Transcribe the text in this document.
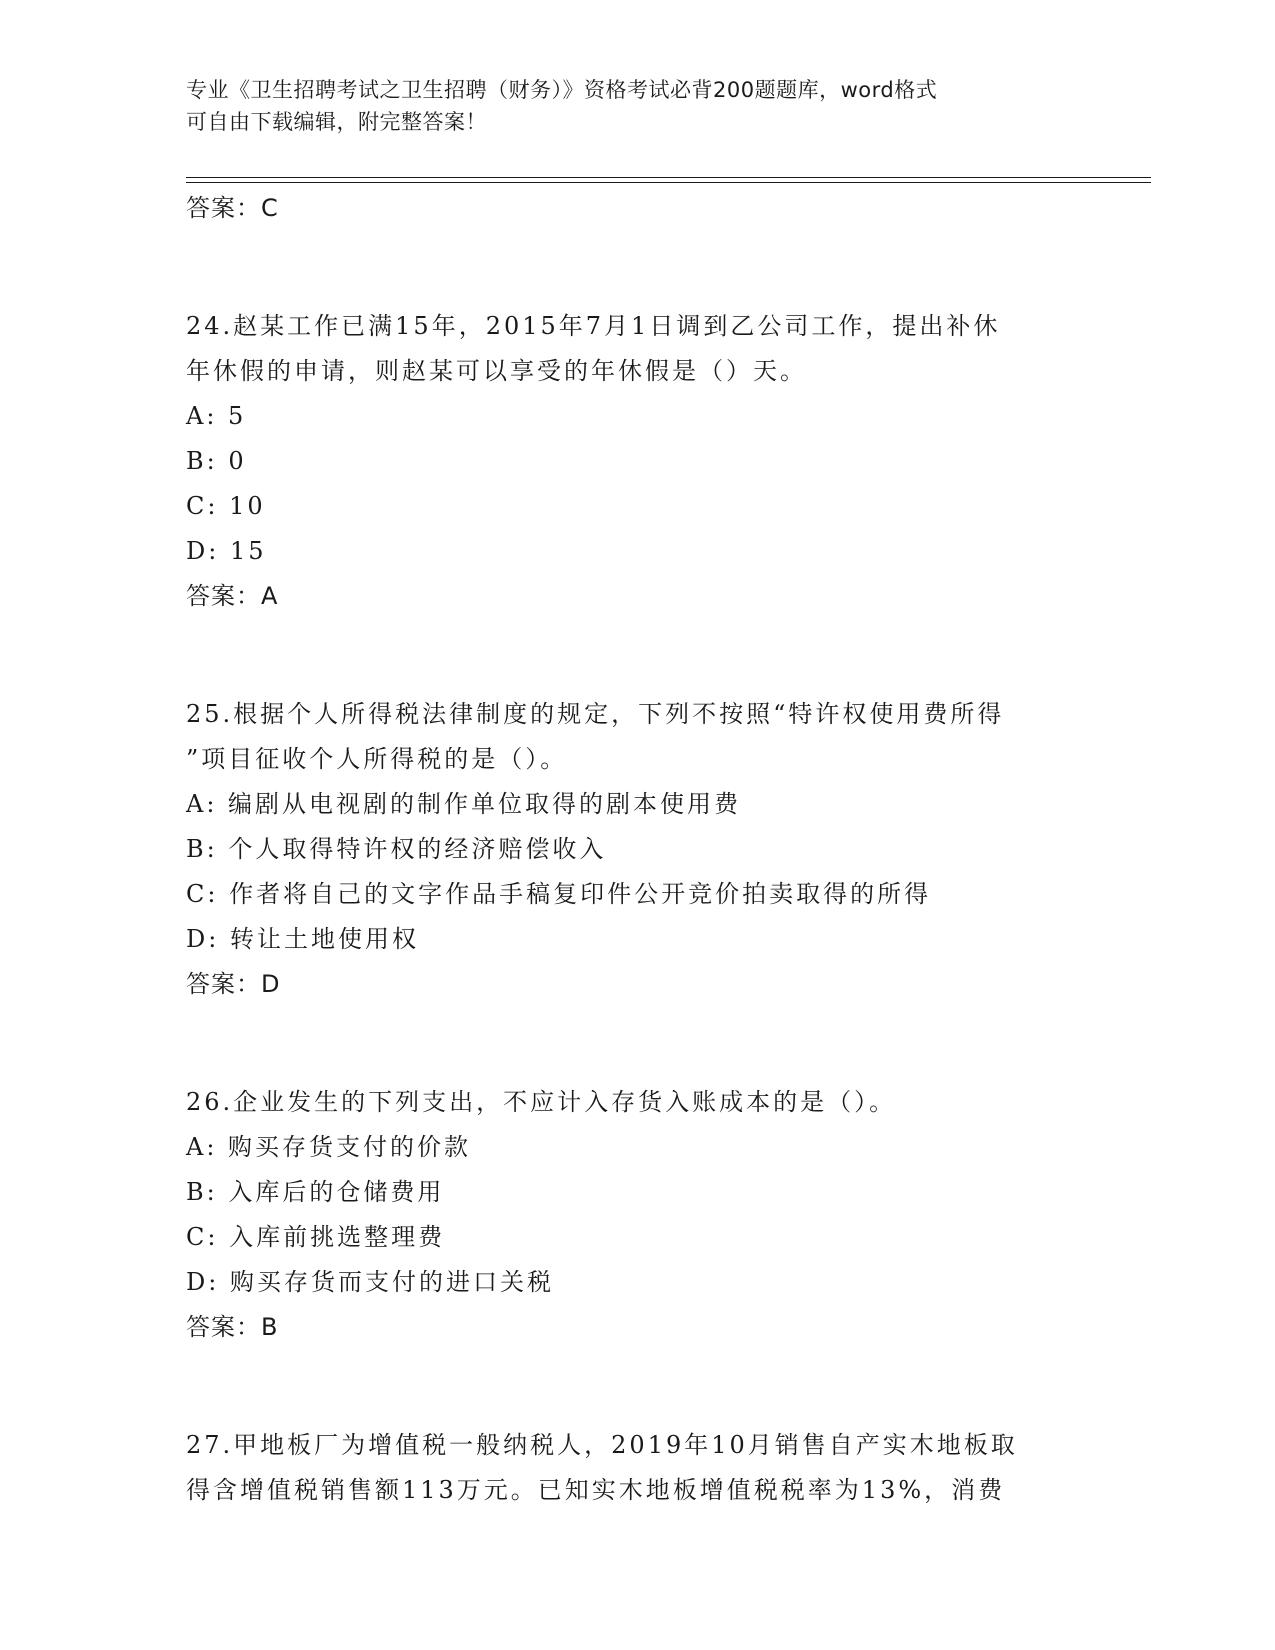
专业《卫生招聘考试之卫生招聘（财务）》资格考试必背200题题库，word格式
可自由下载编辑，附完整答案！
答案：C
24.赵某工作已满15年，2015年7月1日调到乙公司工作，提出补休
年休假的申请，则赵某可以享受的年休假是（）天。
A: 5
B: 0
C: 10
D: 15
答案：A
25.根据个人所得税法律制度的规定，下列不按照“特许权使用费所得
”项目征收个人所得税的是（）。
A: 编剧从电视剧的制作单位取得的剧本使用费
B: 个人取得特许权的经济赔偿收入
C: 作者将自己的文字作品手稿复印件公开竞价拍卖取得的所得
D: 转让土地使用权
答案：D
26.企业发生的下列支出，不应计入存货入账成本的是（）。
A: 购买存货支付的价款
B: 入库后的仓储费用
C: 入库前挑选整理费
D: 购买存货而支付的进口关税
答案：B
27.甲地板厂为增值税一般纳税人，2019年10月销售自产实木地板取
得含增值税销售额113万元。已知实木地板增值税税率为13%，消费
